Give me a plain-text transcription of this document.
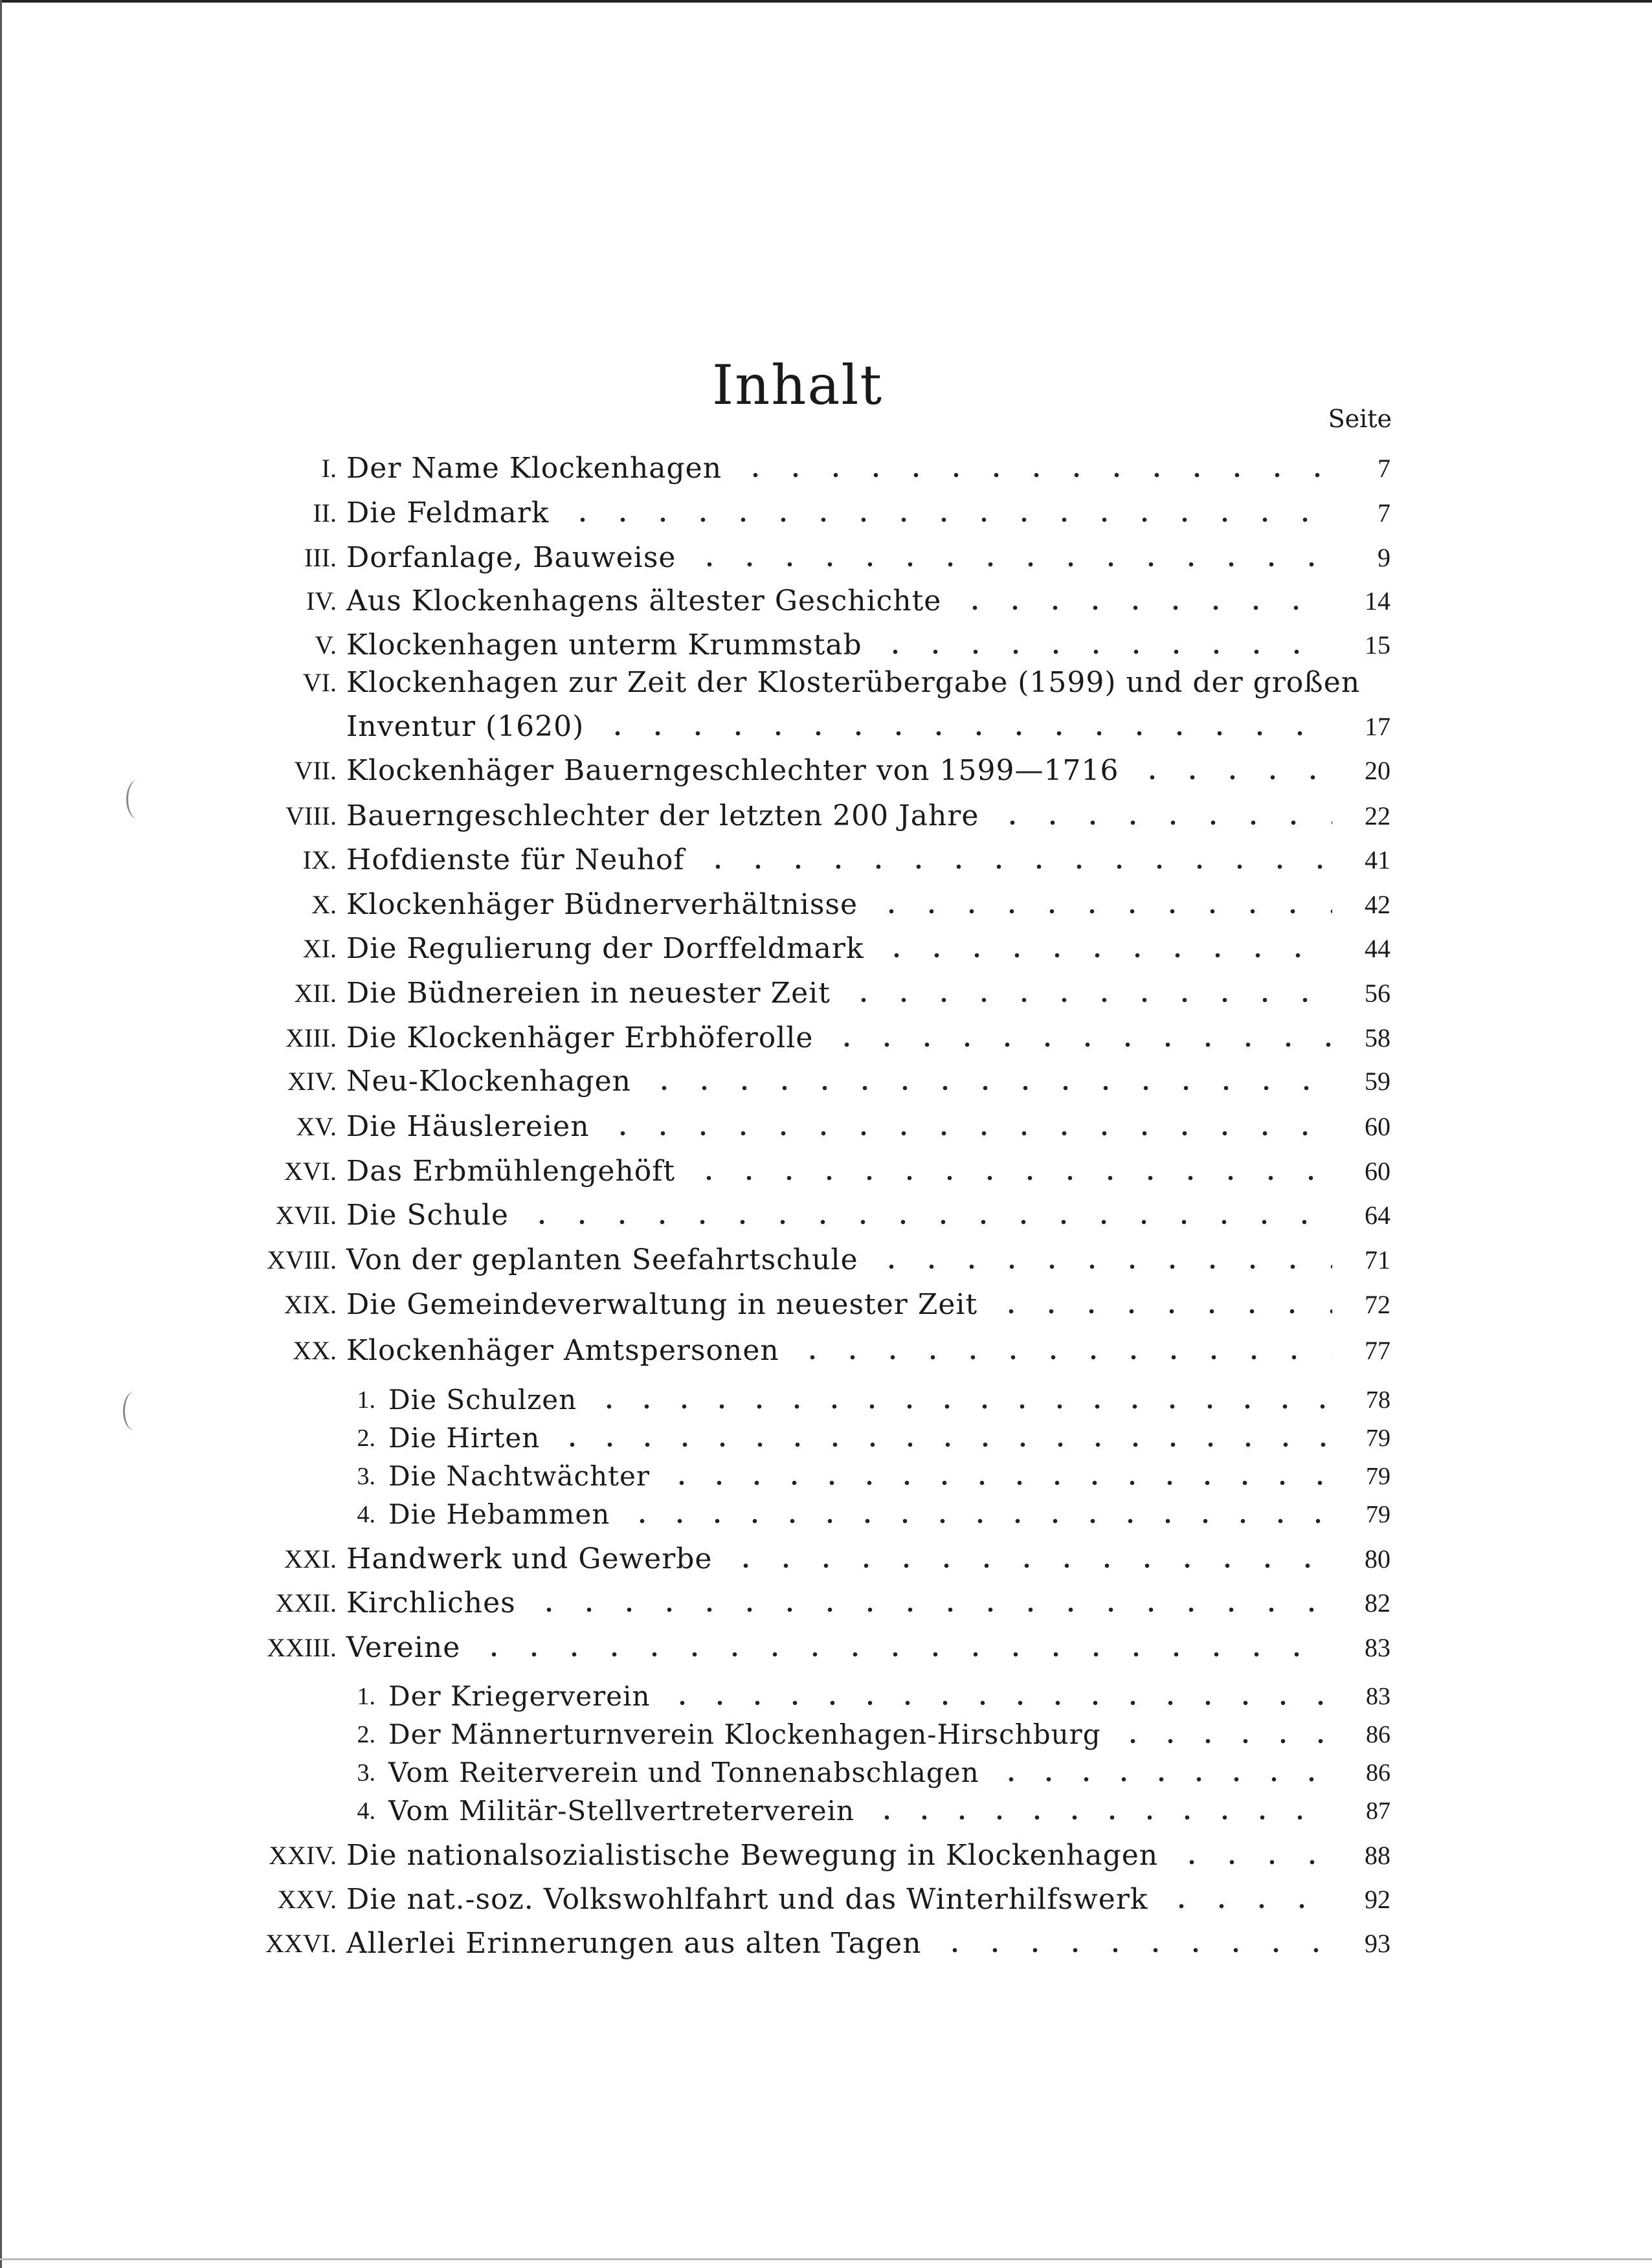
Inhalt
Seite
I. Der Name Klockenhagen	7
II. Die Feldmark	7
III. Dorfanlage, Bauweise	9
IV. Aus Klockenhagens ältester Geschichte	14
V. Klockenhagen unterm Krummstab	15
VI. Klockenhagen zur Zeit der Klosterübergabe (1599) und der großen
Inventur (1620)	17
VII. Klockenhäger Bauerngeschlechter von 1599—1716	20
VIII. Bauerngeschlechter der letzten 200 Jahre	22
IX. Hofdienste für Neuhof	41
X. Klockenhäger Büdnerverhältnisse	42
XI. Die Regulierung der Dorffeldmark	44
XII. Die Büdnereien in neuester Zeit	56
XIII. Die Klockenhäger Erbhöferolle	58
XIV. Neu-Klockenhagen	59
XV. Die Häuslereien	60
XVI. Das Erbmühlengehöft	60
XVII. Die Schule	64
XVIII. Von der geplanten Seefahrtschule	71
XIX. Die Gemeindeverwaltung in neuester Zeit	72
XX. Klockenhäger Amtspersonen	77
1. Die Schulzen	78
2. Die Hirten	79
3. Die Nachtwächter	79
4. Die Hebammen	79
XXI. Handwerk und Gewerbe	80
XXII. Kirchliches	82
XXIII. Vereine	83
1. Der Kriegerverein	83
2. Der Männerturnverein Klockenhagen-Hirschburg	86
3. Vom Reiterverein und Tonnenabschlagen	86
4. Vom Militär-Stellvertreterverein	87
XXIV. Die nationalsozialistische Bewegung in Klockenhagen	88
XXV. Die nat.-soz. Volkswohlfahrt und das Winterhilfswerk	92
XXVI. Allerlei Erinnerungen aus alten Tagen	93
